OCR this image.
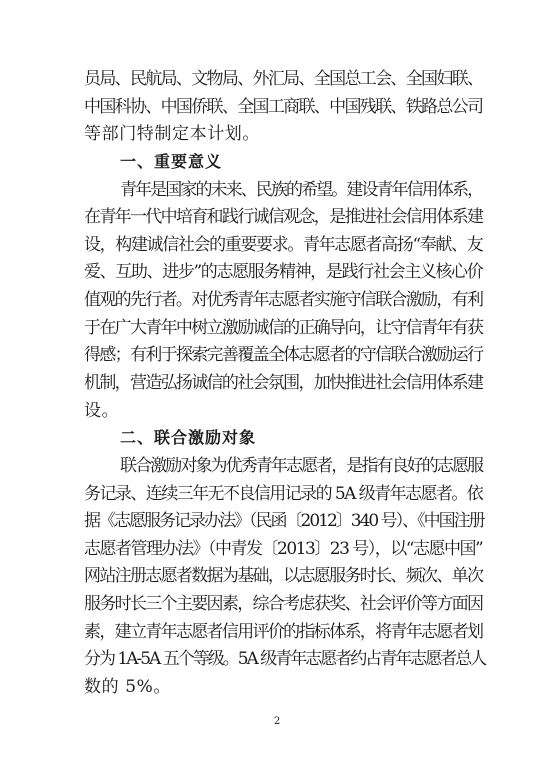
员局、民航局、文物局、外汇局、全国总工会、全国妇联、
中国科协、中国侨联、全国工商联、中国残联、铁路总公司
等部门特制定本计划。
一、重要意义
青年是国家的未来、民族的希望。建设青年信用体系，
在青年一代中培育和践行诚信观念，是推进社会信用体系建
设，构建诚信社会的重要要求。青年志愿者高扬“奉献、友
爱、互助、进步”的志愿服务精神，是践行社会主义核心价
值观的先行者。对优秀青年志愿者实施守信联合激励，有利
于在广大青年中树立激励诚信的正确导向，让守信青年有获
得感；有利于探索完善覆盖全体志愿者的守信联合激励运行
机制，营造弘扬诚信的社会氛围，加快推进社会信用体系建
设。
二、联合激励对象
联合激励对象为优秀青年志愿者，是指有良好的志愿服
务记录、连续三年无不良信用记录的 5A 级青年志愿者。依
据《志愿服务记录办法》（民函〔2012〕340 号）、《中国注册
志愿者管理办法》（中青发〔2013〕23 号），以“志愿中国”
网站注册志愿者数据为基础，以志愿服务时长、频次、单次
服务时长三个主要因素，综合考虑获奖、社会评价等方面因
素，建立青年志愿者信用评价的指标体系，将青年志愿者划
分为 1A-5A 五个等级。5A 级青年志愿者约占青年志愿者总人
数的 5%。
2
